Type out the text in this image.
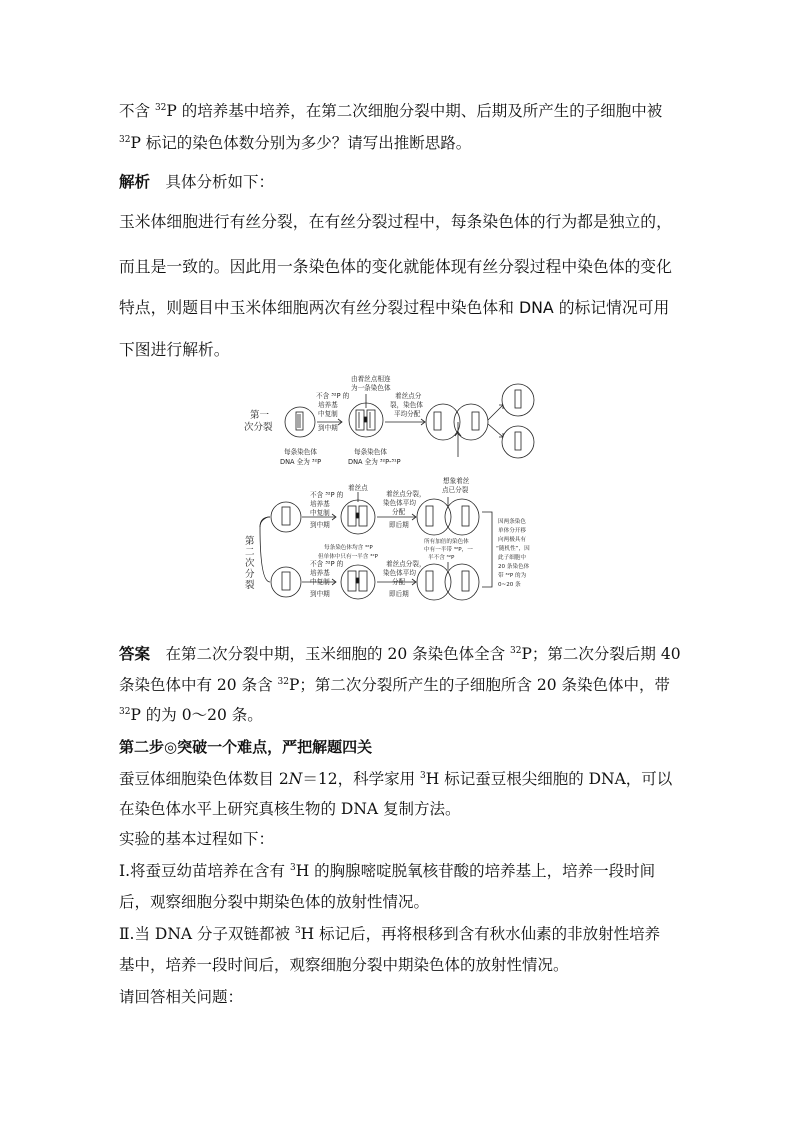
不含 $^{32}$P 的培养基中培养，在第二次细胞分裂中期、后期及所产生的子细胞中被
$^{32}$P 标记的染色体数分别为多少？请写出推断思路。
解析　 具体分析如下：
玉米体细胞进行有丝分裂，在有丝分裂过程中，每条染色体的行为都是独立的，
而且是一致的。因此用一条染色体的变化就能体现有丝分裂过程中染色体的变化
特点，则题目中玉米体细胞两次有丝分裂过程中染色体和 DNA 的标记情况可用
下图进行解析。
第一
次分裂
由着丝点相连
为一条染色体
不含 ³²P 的
培养基
中复制
到中期
着丝点分
裂，染色体
平均分配
每条染色体
DNA 全为 ³²P
每条染色体
DNA 全为 ³²P-³¹P
第
二
次
分
裂
着丝点
不含 ³²P 的
培养基
中复制
到中期
着丝点分裂，
染色体平均
分配
即后期
想象着丝
点已分裂
每条染色体均含 ³²P
但单体中只有一半含 ³²P
所有加倍的染色体
中有一半带 ³²P，一
半不含 ³²P
不含 ³²P 的
培养基
中复制
到中期
着丝点分裂，
染色体平均
分配
即后期
因两条染色
单体分开移
向两极具有
“随机性”，因
此子细胞中
20 条染色体
带 ³²P 的为
0~20 条
答案　 在第二次分裂中期，玉米细胞的 20 条染色体全含 $^{32}$P；第二次分裂后期 40
条染色体中有 20 条含 $^{32}$P；第二次分裂所产生的子细胞所含 20 条染色体中，带
$^{32}$P 的为 0～20 条。
第二步◎突破一个难点，严把解题四关
蚕豆体细胞染色体数目 2N＝12，科学家用 $^3$H 标记蚕豆根尖细胞的 DNA，可以
在染色体水平上研究真核生物的 DNA 复制方法。
实验的基本过程如下：
Ⅰ.将蚕豆幼苗培养在含有 $^3$H 的胸腺嘧啶脱氧核苷酸的培养基上，培养一段时间
后，观察细胞分裂中期染色体的放射性情况。
Ⅱ.当 DNA 分子双链都被 $^3$H 标记后，再将根移到含有秋水仙素的非放射性培养
基中，培养一段时间后，观察细胞分裂中期染色体的放射性情况。
请回答相关问题：
